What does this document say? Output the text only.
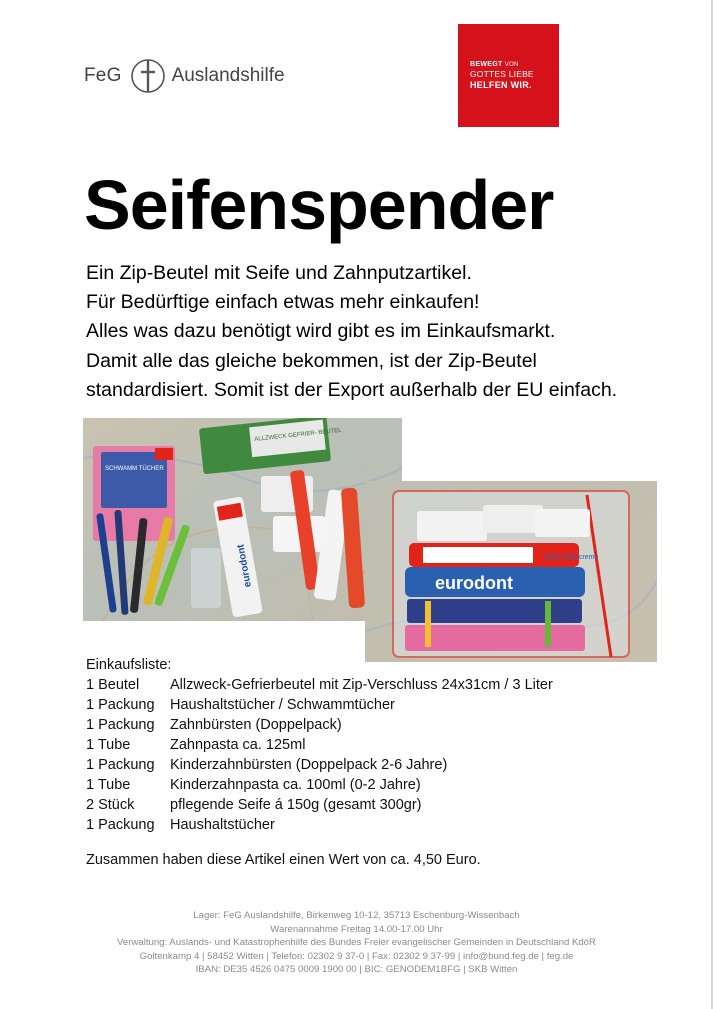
FeG	Auslandshilfe
BEWEGT VON
GOTTES LIEBE
HELFEN WIR.
Seifenspender
Ein Zip-Beutel mit Seife und Zahnputzartikel.
Für Bedürftige einfach etwas mehr einkaufen!
Alles was dazu benötigt wird gibt es im Einkaufsmarkt.
Damit alle das gleiche bekommen, ist der Zip-Beutel
standardisiert. Somit ist der Export außerhalb der EU einfach.
SCHWAMM TÜCHER
ALLZWECK GEFRIER- BEUTEL
eurodont	eurodont
Baby Zahncreme
Einkaufsliste:
1 Beutel	Allzweck-Gefrierbeutel mit Zip-Verschluss 24x31cm / 3 Liter
1 Packung	Haushaltstücher / Schwammtücher
1 Packung	Zahnbürsten (Doppelpack)
1 Tube	Zahnpasta ca. 125ml
1 Packung	Kinderzahnbürsten (Doppelpack 2-6 Jahre)
1 Tube	Kinderzahnpasta ca. 100ml (0-2 Jahre)
2 Stück	pflegende Seife á 150g (gesamt 300gr)
1 Packung	Haushaltstücher
Zusammen haben diese Artikel einen Wert von ca. 4,50 Euro.
Lager: FeG Auslandshilfe, Birkenweg 10-12, 35713 Eschenburg-Wissenbach
Warenannahme Freitag 14.00-17.00 Uhr
Verwaltung: Auslands- und Katastrophenhilfe des Bundes Freier evangelischer Gemeinden in Deutschland KdöR
Goltenkamp 4 | 58452 Witten | Telefon: 02302 9 37-0 | Fax: 02302 9 37-99 | info@bund.feg.de | feg.de
IBAN: DE35 4526 0475 0009 1900 00 | BIC: GENODEM1BFG | SKB Witten
